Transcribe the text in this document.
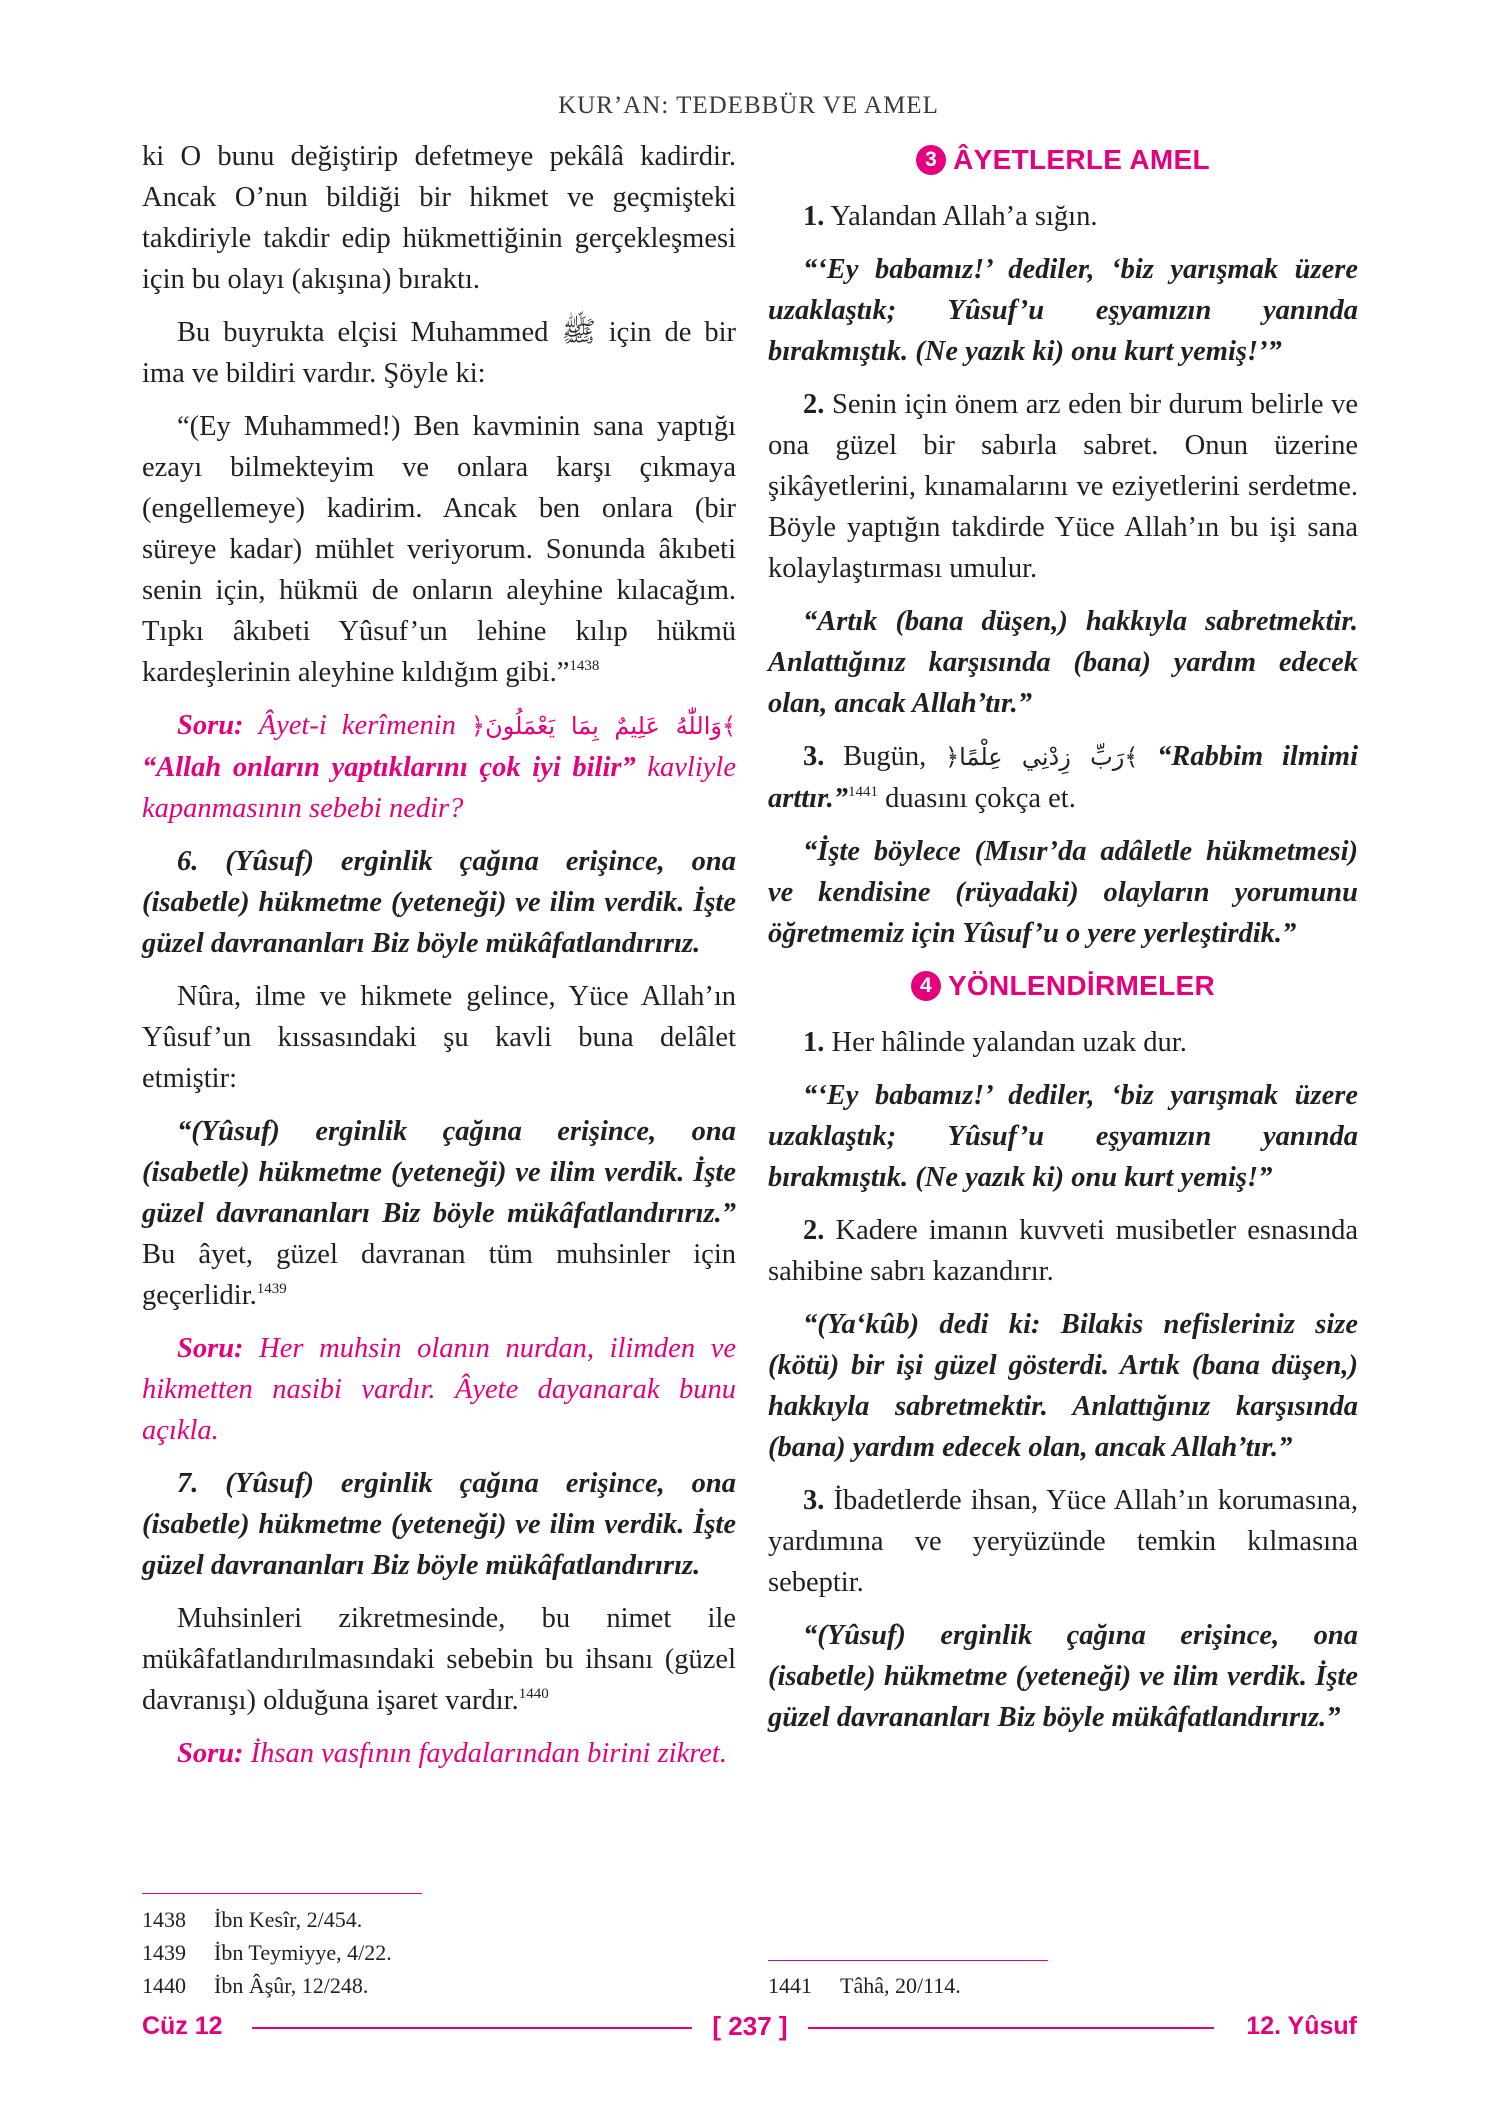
KUR’AN: TEDEBBÜR VE AMEL

ki O bunu değiştirip defetmeye pekâlâ kadirdir. Ancak O’nun bildiği bir hikmet ve geçmişteki takdiriyle takdir edip hükmettiğinin gerçekleşmesi için bu olayı (akışına) bıraktı.

Bu buyrukta elçisi Muhammed ﷺ için de bir ima ve bildiri vardır. Şöyle ki:

“(Ey Muhammed!) Ben kavminin sana yaptığı ezayı bilmekteyim ve onlara karşı çıkmaya (engellemeye) kadirim. Ancak ben onlara (bir süreye kadar) mühlet veriyorum. Sonunda âkıbeti senin için, hükmü de onların aleyhine kılacağım. Tıpkı âkıbeti Yûsuf’un lehine kılıp hükmü kardeşlerinin aleyhine kıldığım gibi.”$^{1438}$

Soru: Âyet-i kerîmenin ﴿وَاللّٰهُ عَلِيمٌ بِمَا يَعْمَلُونَ﴾ “Allah onların yaptıklarını çok iyi bilir” kavliyle kapanmasının sebebi nedir?

6. (Yûsuf) erginlik çağına erişince, ona (isabetle) hükmetme (yeteneği) ve ilim verdik. İşte güzel davrananları Biz böyle mükâfatlandırırız.

Nûra, ilme ve hikmete gelince, Yüce Allah’ın Yûsuf’un kıssasındaki şu kavli buna delâlet etmiştir:

“(Yûsuf) erginlik çağına erişince, ona (isabetle) hükmetme (yeteneği) ve ilim verdik. İşte güzel davrananları Biz böyle mükâfatlandırırız.” Bu âyet, güzel davranan tüm muhsinler için geçerlidir.$^{1439}$

Soru: Her muhsin olanın nurdan, ilimden ve hikmetten nasibi vardır. Âyete dayanarak bunu açıkla.

7. (Yûsuf) erginlik çağına erişince, ona (isabetle) hükmetme (yeteneği) ve ilim verdik. İşte güzel davrananları Biz böyle mükâfatlandırırız.

Muhsinleri zikretmesinde, bu nimet ile mükâfatlandırılmasındaki sebebin bu ihsanı (güzel davranışı) olduğuna işaret vardır.$^{1440}$

Soru: İhsan vasfının faydalarından birini zikret.

3 ÂYETLERLE AMEL

1. Yalandan Allah’a sığın.

“‘Ey babamız!’ dediler, ‘biz yarışmak üzere uzaklaştık; Yûsuf’u eşyamızın yanında bırakmıştık. (Ne yazık ki) onu kurt yemiş!’”

2. Senin için önem arz eden bir durum belirle ve ona güzel bir sabırla sabret. Onun üzerine şikâyetlerini, kınamalarını ve eziyetlerini serdetme. Böyle yaptığın takdirde Yüce Allah’ın bu işi sana kolaylaştırması umulur.

“Artık (bana düşen,) hakkıyla sabretmektir. Anlattığınız karşısında (bana) yardım edecek olan, ancak Allah’tır.”

3. Bugün, ﴿رَبِّ زِدْنِي عِلْمًا﴾ “Rabbim ilmimi arttır.”$^{1441}$ duasını çokça et.

“İşte böylece (Mısır’da adâletle hükmetmesi) ve kendisine (rüyadaki) olayların yorumunu öğretmemiz için Yûsuf’u o yere yerleştirdik.”

4 YÖNLENDİRMELER

1. Her hâlinde yalandan uzak dur.

“‘Ey babamız!’ dediler, ‘biz yarışmak üzere uzaklaştık; Yûsuf’u eşyamızın yanında bırakmıştık. (Ne yazık ki) onu kurt yemiş!”

2. Kadere imanın kuvveti musibetler esnasında sahibine sabrı kazandırır.

“(Ya‘kûb) dedi ki: Bilakis nefisleriniz size (kötü) bir işi güzel gösterdi. Artık (bana düşen,) hakkıyla sabretmektir. Anlattığınız karşısında (bana) yardım edecek olan, ancak Allah’tır.”

3. İbadetlerde ihsan, Yüce Allah’ın korumasına, yardımına ve yeryüzünde temkin kılmasına sebeptir.

“(Yûsuf) erginlik çağına erişince, ona (isabetle) hükmetme (yeteneği) ve ilim verdik. İşte güzel davrananları Biz böyle mükâfatlandırırız.”

1438 İbn Kesîr, 2/454.
1439 İbn Teymiyye, 4/22.
1440 İbn Âşûr, 12/248.	1441 Tâhâ, 20/114.
Cüz 12	[ 237 ]	12. Yûsuf
